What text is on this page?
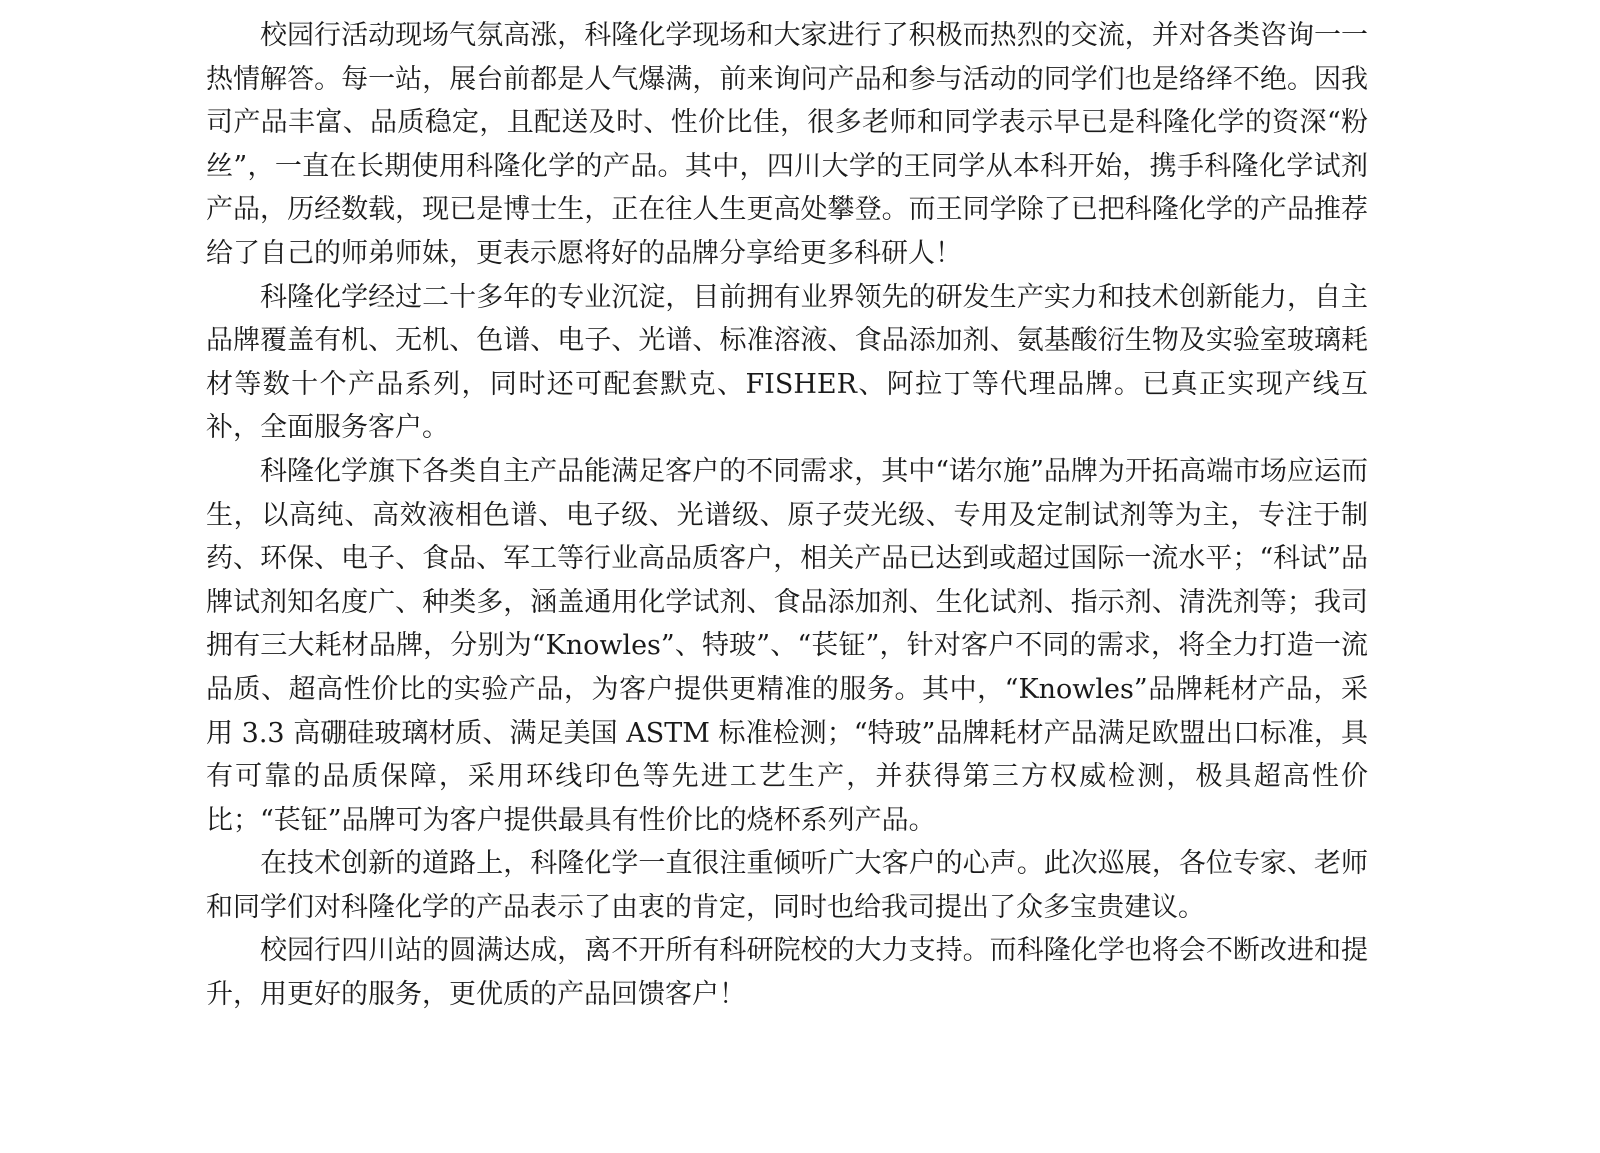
校园行活动现场气氛高涨，科隆化学现场和大家进行了积极而热烈的交流，并对各类咨询一一热情解答。每一站，展台前都是人气爆满，前来询问产品和参与活动的同学们也是络绎不绝。因我司产品丰富、品质稳定，且配送及时、性价比佳，很多老师和同学表示早已是科隆化学的资深“粉丝”，一直在长期使用科隆化学的产品。其中，四川大学的王同学从本科开始，携手科隆化学试剂产品，历经数载，现已是博士生，正在往人生更高处攀登。而王同学除了已把科隆化学的产品推荐给了自己的师弟师妹，更表示愿将好的品牌分享给更多科研人！

科隆化学经过二十多年的专业沉淀，目前拥有业界领先的研发生产实力和技术创新能力，自主品牌覆盖有机、无机、色谱、电子、光谱、标准溶液、食品添加剂、氨基酸衍生物及实验室玻璃耗材等数十个产品系列，同时还可配套默克、FISHER、阿拉丁等代理品牌。已真正实现产线互补，全面服务客户。

科隆化学旗下各类自主产品能满足客户的不同需求，其中“诺尔施”品牌为开拓高端市场应运而生，以高纯、高效液相色谱、电子级、光谱级、原子荧光级、专用及定制试剂等为主，专注于制药、环保、电子、食品、军工等行业高品质客户，相关产品已达到或超过国际一流水平；“科试”品牌试剂知名度广、种类多，涵盖通用化学试剂、食品添加剂、生化试剂、指示剂、清洗剂等；我司拥有三大耗材品牌，分别为“Knowles”、特玻”、“苌钲”，针对客户不同的需求，将全力打造一流品质、超高性价比的实验产品，为客户提供更精准的服务。其中，“Knowles”品牌耗材产品，采用 3.3 高硼硅玻璃材质、满足美国 ASTM 标准检测；“特玻”品牌耗材产品满足欧盟出口标准，具有可靠的品质保障，采用环线印色等先进工艺生产，并获得第三方权威检测，极具超高性价比；“苌钲”品牌可为客户提供最具有性价比的烧杯系列产品。

在技术创新的道路上，科隆化学一直很注重倾听广大客户的心声。此次巡展，各位专家、老师和同学们对科隆化学的产品表示了由衷的肯定，同时也给我司提出了众多宝贵建议。

校园行四川站的圆满达成，离不开所有科研院校的大力支持。而科隆化学也将会不断改进和提升，用更好的服务，更优质的产品回馈客户！
